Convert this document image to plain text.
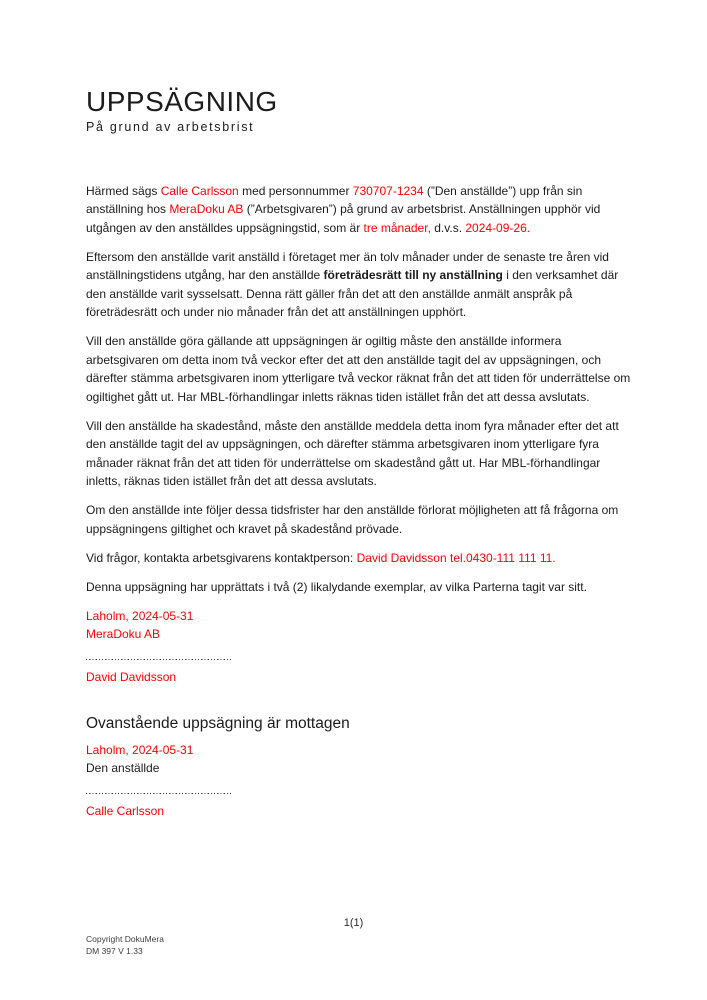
UPPSÄGNING
På grund av arbetsbrist

Härmed sägs Calle Carlsson med personnummer 730707-1234 (”Den anställde”) upp från sin anställning hos MeraDoku AB (”Arbetsgivaren”) på grund av arbetsbrist. Anställningen upphör vid utgången av den anställdes uppsägningstid, som är tre månader, d.v.s. 2024-09-26.

Eftersom den anställde varit anställd i företaget mer än tolv månader under de senaste tre åren vid anställningstidens utgång, har den anställde företrädesrätt till ny anställning i den verksamhet där den anställde varit sysselsatt. Denna rätt gäller från det att den anställde anmält anspråk på företrädesrätt och under nio månader från det att anställningen upphört.

Vill den anställde göra gällande att uppsägningen är ogiltig måste den anställde informera arbetsgivaren om detta inom två veckor efter det att den anställde tagit del av uppsägningen, och därefter stämma arbetsgivaren inom ytterligare två veckor räknat från det att tiden för underrättelse om ogiltighet gått ut. Har MBL-förhandlingar inletts räknas tiden istället från det att dessa avslutats.

Vill den anställde ha skadestånd, måste den anställde meddela detta inom fyra månader efter det att den anställde tagit del av uppsägningen, och därefter stämma arbetsgivaren inom ytterligare fyra månader räknat från det att tiden för underrättelse om skadestånd gått ut. Har MBL-förhandlingar inletts, räknas tiden istället från det att dessa avslutats.

Om den anställde inte följer dessa tidsfrister har den anställde förlorat möjligheten att få frågorna om uppsägningens giltighet och kravet på skadestånd prövade.

Vid frågor, kontakta arbetsgivarens kontaktperson: David Davidsson tel.0430-111 111 11.

Denna uppsägning har upprättats i två (2) likalydande exemplar, av vilka Parterna tagit var sitt.

Laholm, 2024-05-31
MeraDoku AB
David Davidsson
Ovanstående uppsägning är mottagen
Laholm, 2024-05-31
Den anställde
Calle Carlsson
1(1)
Copyright DokuMera
DM 397 V 1.33
